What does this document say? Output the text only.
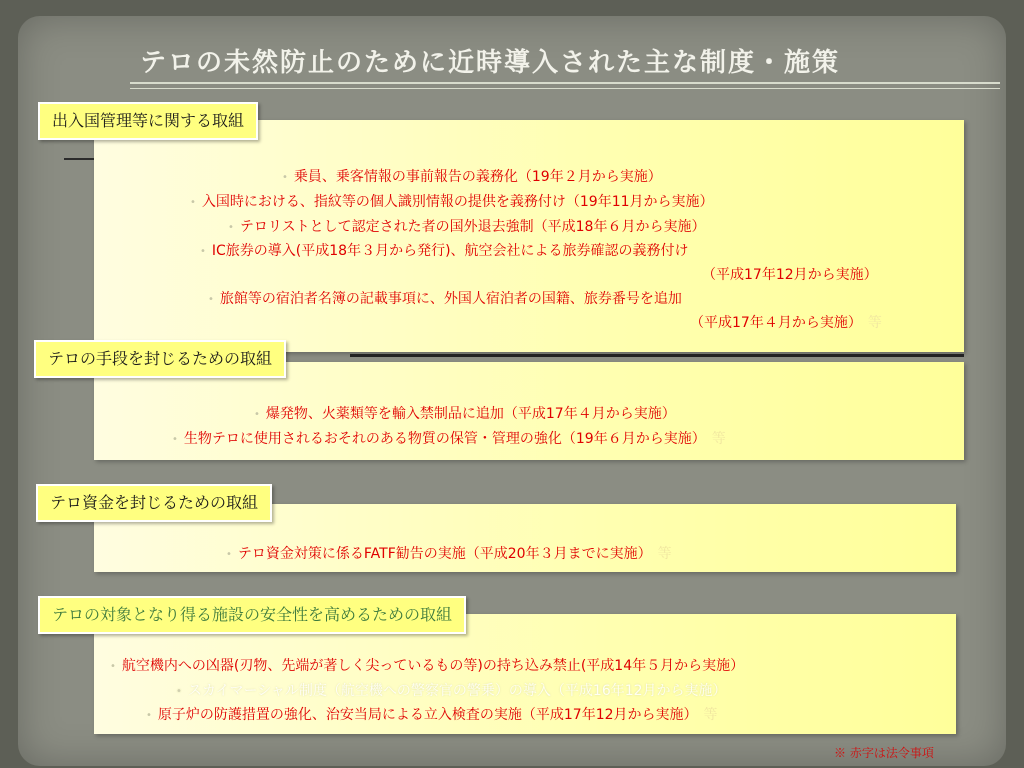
テロの未然防止のために近時導入された主な制度・施策
出入国管理等に関する取組
• 乗員、乗客情報の事前報告の義務化（19年２月から実施）
• 入国時における、指紋等の個人識別情報の提供を義務付け（19年11月から実施）
• テロリストとして認定された者の国外退去強制（平成18年６月から実施）
• IC旅券の導入(平成18年３月から発行)、航空会社による旅券確認の義務付け
（平成17年12月から実施）
• 旅館等の宿泊者名簿の記載事項に、外国人宿泊者の国籍、旅券番号を追加
（平成17年４月から実施） 等
テロの手段を封じるための取組
• 爆発物、火薬類等を輸入禁制品に追加（平成17年４月から実施）
• 生物テロに使用されるおそれのある物質の保管・管理の強化（19年６月から実施） 等
テロ資金を封じるための取組
• テロ資金対策に係るFATF勧告の実施（平成20年３月までに実施） 等
テロの対象となり得る施設の安全性を高めるための取組
• 航空機内への凶器(刃物、先端が著しく尖っているもの等)の持ち込み禁止(平成14年５月から実施）
• スカイマーシャル制度（航空機への警察官の警乗）の導入（平成16年12月から実施）
• 原子炉の防護措置の強化、治安当局による立入検査の実施（平成17年12月から実施） 等
※ 赤字は法令事項
